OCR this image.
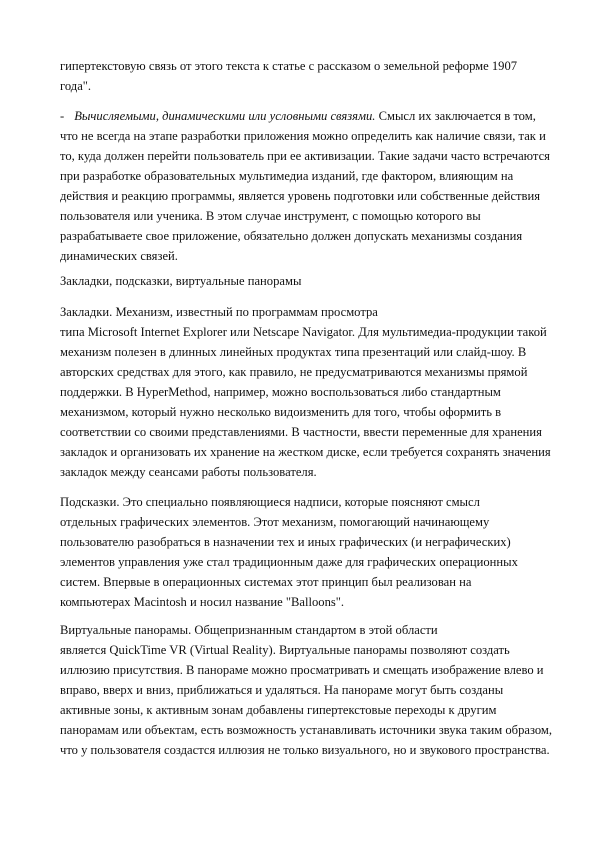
гипертекстовую связь от этого текста к статье с рассказом о земельной реформе 1907
года".
- Вычисляемыми, динамическими или условными связями. Смысл их заключается в том,
что не всегда на этапе разработки приложения можно определить как наличие связи, так и
то, куда должен перейти пользователь при ее активизации. Такие задачи часто встречаются
при разработке образовательных мультимедиа изданий, где фактором, влияющим на
действия и реакцию программы, является уровень подготовки или собственные действия
пользователя или ученика. В этом случае инструмент, с помощью которого вы
разрабатываете свое приложение, обязательно должен допускать механизмы создания
динамических связей.
Закладки, подсказки, виртуальные панорамы
Закладки. Механизм, известный по программам просмотра
типа Microsoft Internet Explorer или Netscape Navigator. Для мультимедиа-продукции такой
механизм полезен в длинных линейных продуктах типа презентаций или слайд-шоу. В
авторских средствах для этого, как правило, не предусматриваются механизмы прямой
поддержки. В HyperMethod, например, можно воспользоваться либо стандартным
механизмом, который нужно несколько видоизменить для того, чтобы оформить в
соответствии со своими представлениями. В частности, ввести переменные для хранения
закладок и организовать их хранение на жестком диске, если требуется сохранять значения
закладок между сеансами работы пользователя.
Подсказки. Это специально появляющиеся надписи, которые поясняют смысл
отдельных графических элементов. Этот механизм, помогающий начинающему
пользователю разобраться в назначении тех и иных графических (и неграфических)
элементов управления уже стал традиционным даже для графических операционных
систем. Впервые в операционных системах этот принцип был реализован на
компьютерах Macintosh и носил название "Balloons".
Виртуальные панорамы. Общепризнанным стандартом в этой области
является QuickTime VR (Virtual Reality). Виртуальные панорамы позволяют создать
иллюзию присутствия. В панораме можно просматривать и смещать изображение влево и
вправо, вверх и вниз, приближаться и удаляться. На панораме могут быть созданы
активные зоны, к активным зонам добавлены гипертекстовые переходы к другим
панорамам или объектам, есть возможность устанавливать источники звука таким образом,
что у пользователя создастся иллюзия не только визуального, но и звукового пространства.
